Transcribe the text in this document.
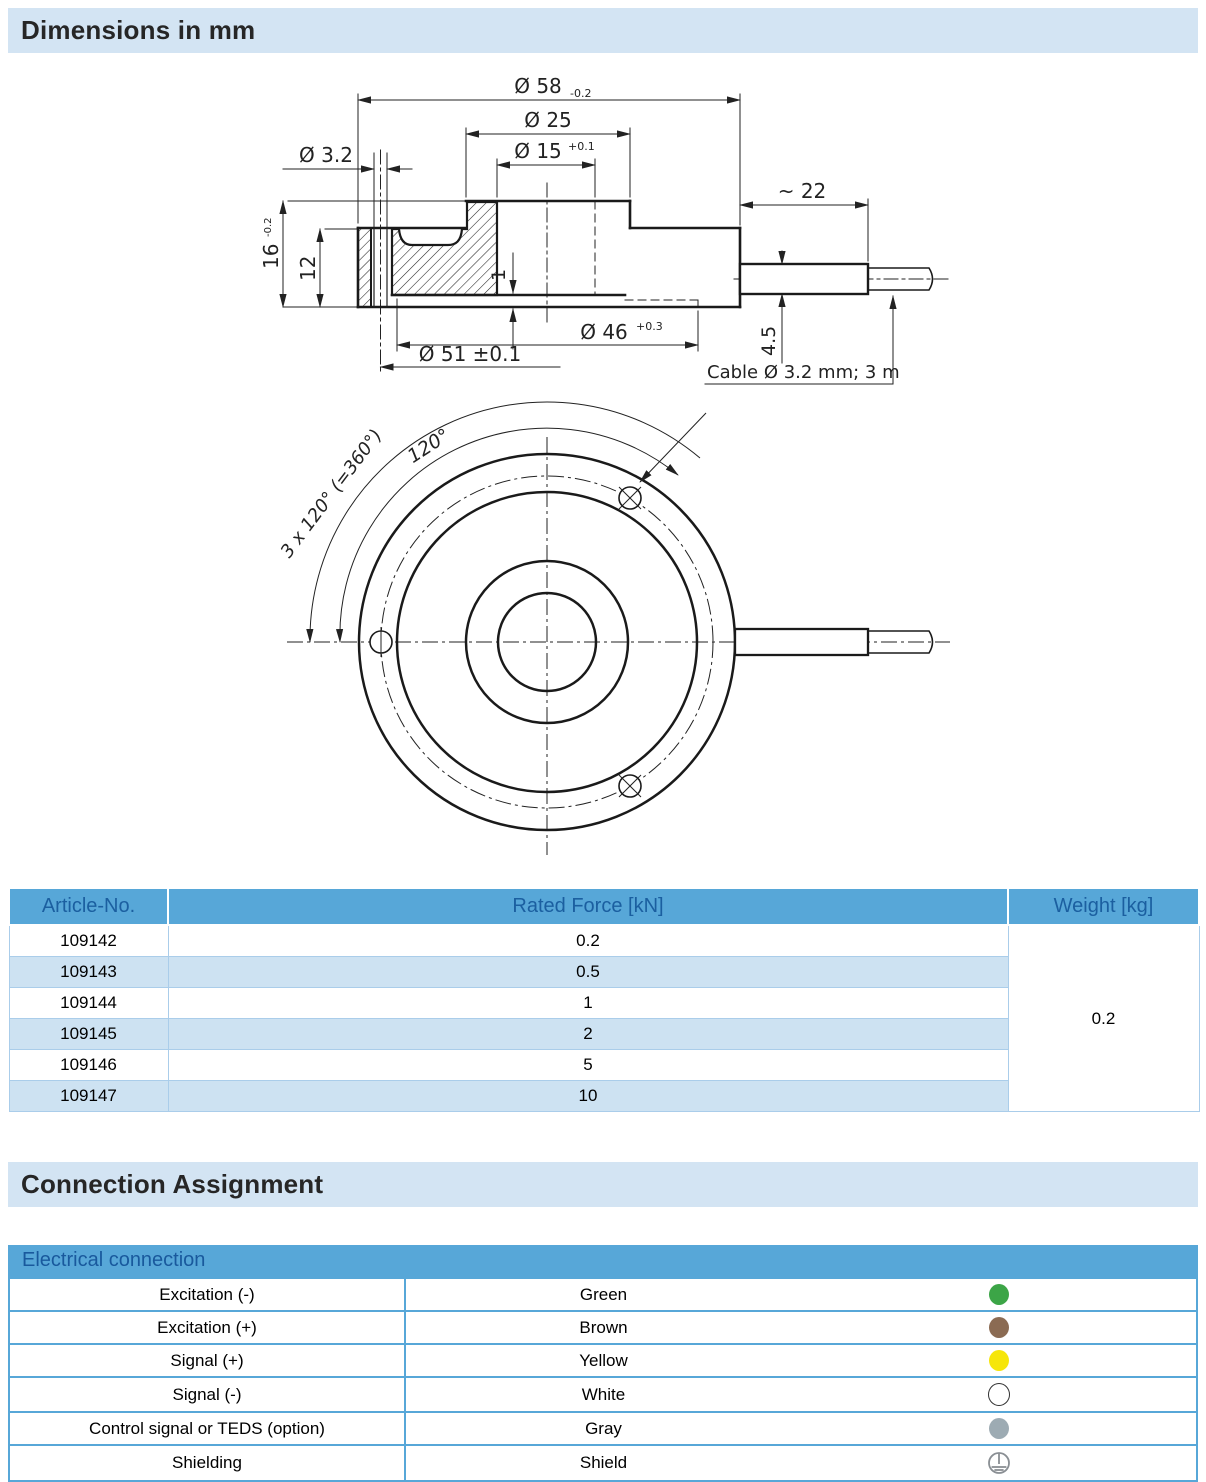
Dimensions in mm
Ø 58 -0.2
Ø 25
Ø 15 +0.1
Ø 3.2
16
-0.2
12	1
Ø 46 +0.3
Ø 51 ±0.1
~ 22
4.5
Cable Ø 3.2 mm; 3 m
120°
3 x 120° (=360°)
Article-No.	Rated Force [kN]	Weight [kg]
109142	0.2	0.2
109143	0.5	
109144	1	
109145	2	
109146	5	
109147	10	
Connection Assignment
Electrical connection		
Excitation (-)	Green	
Excitation (+)	Brown	
Signal (+)	Yellow	
Signal (-)	White	
Control signal or TEDS (option)	Gray	
Shielding	Shield	
